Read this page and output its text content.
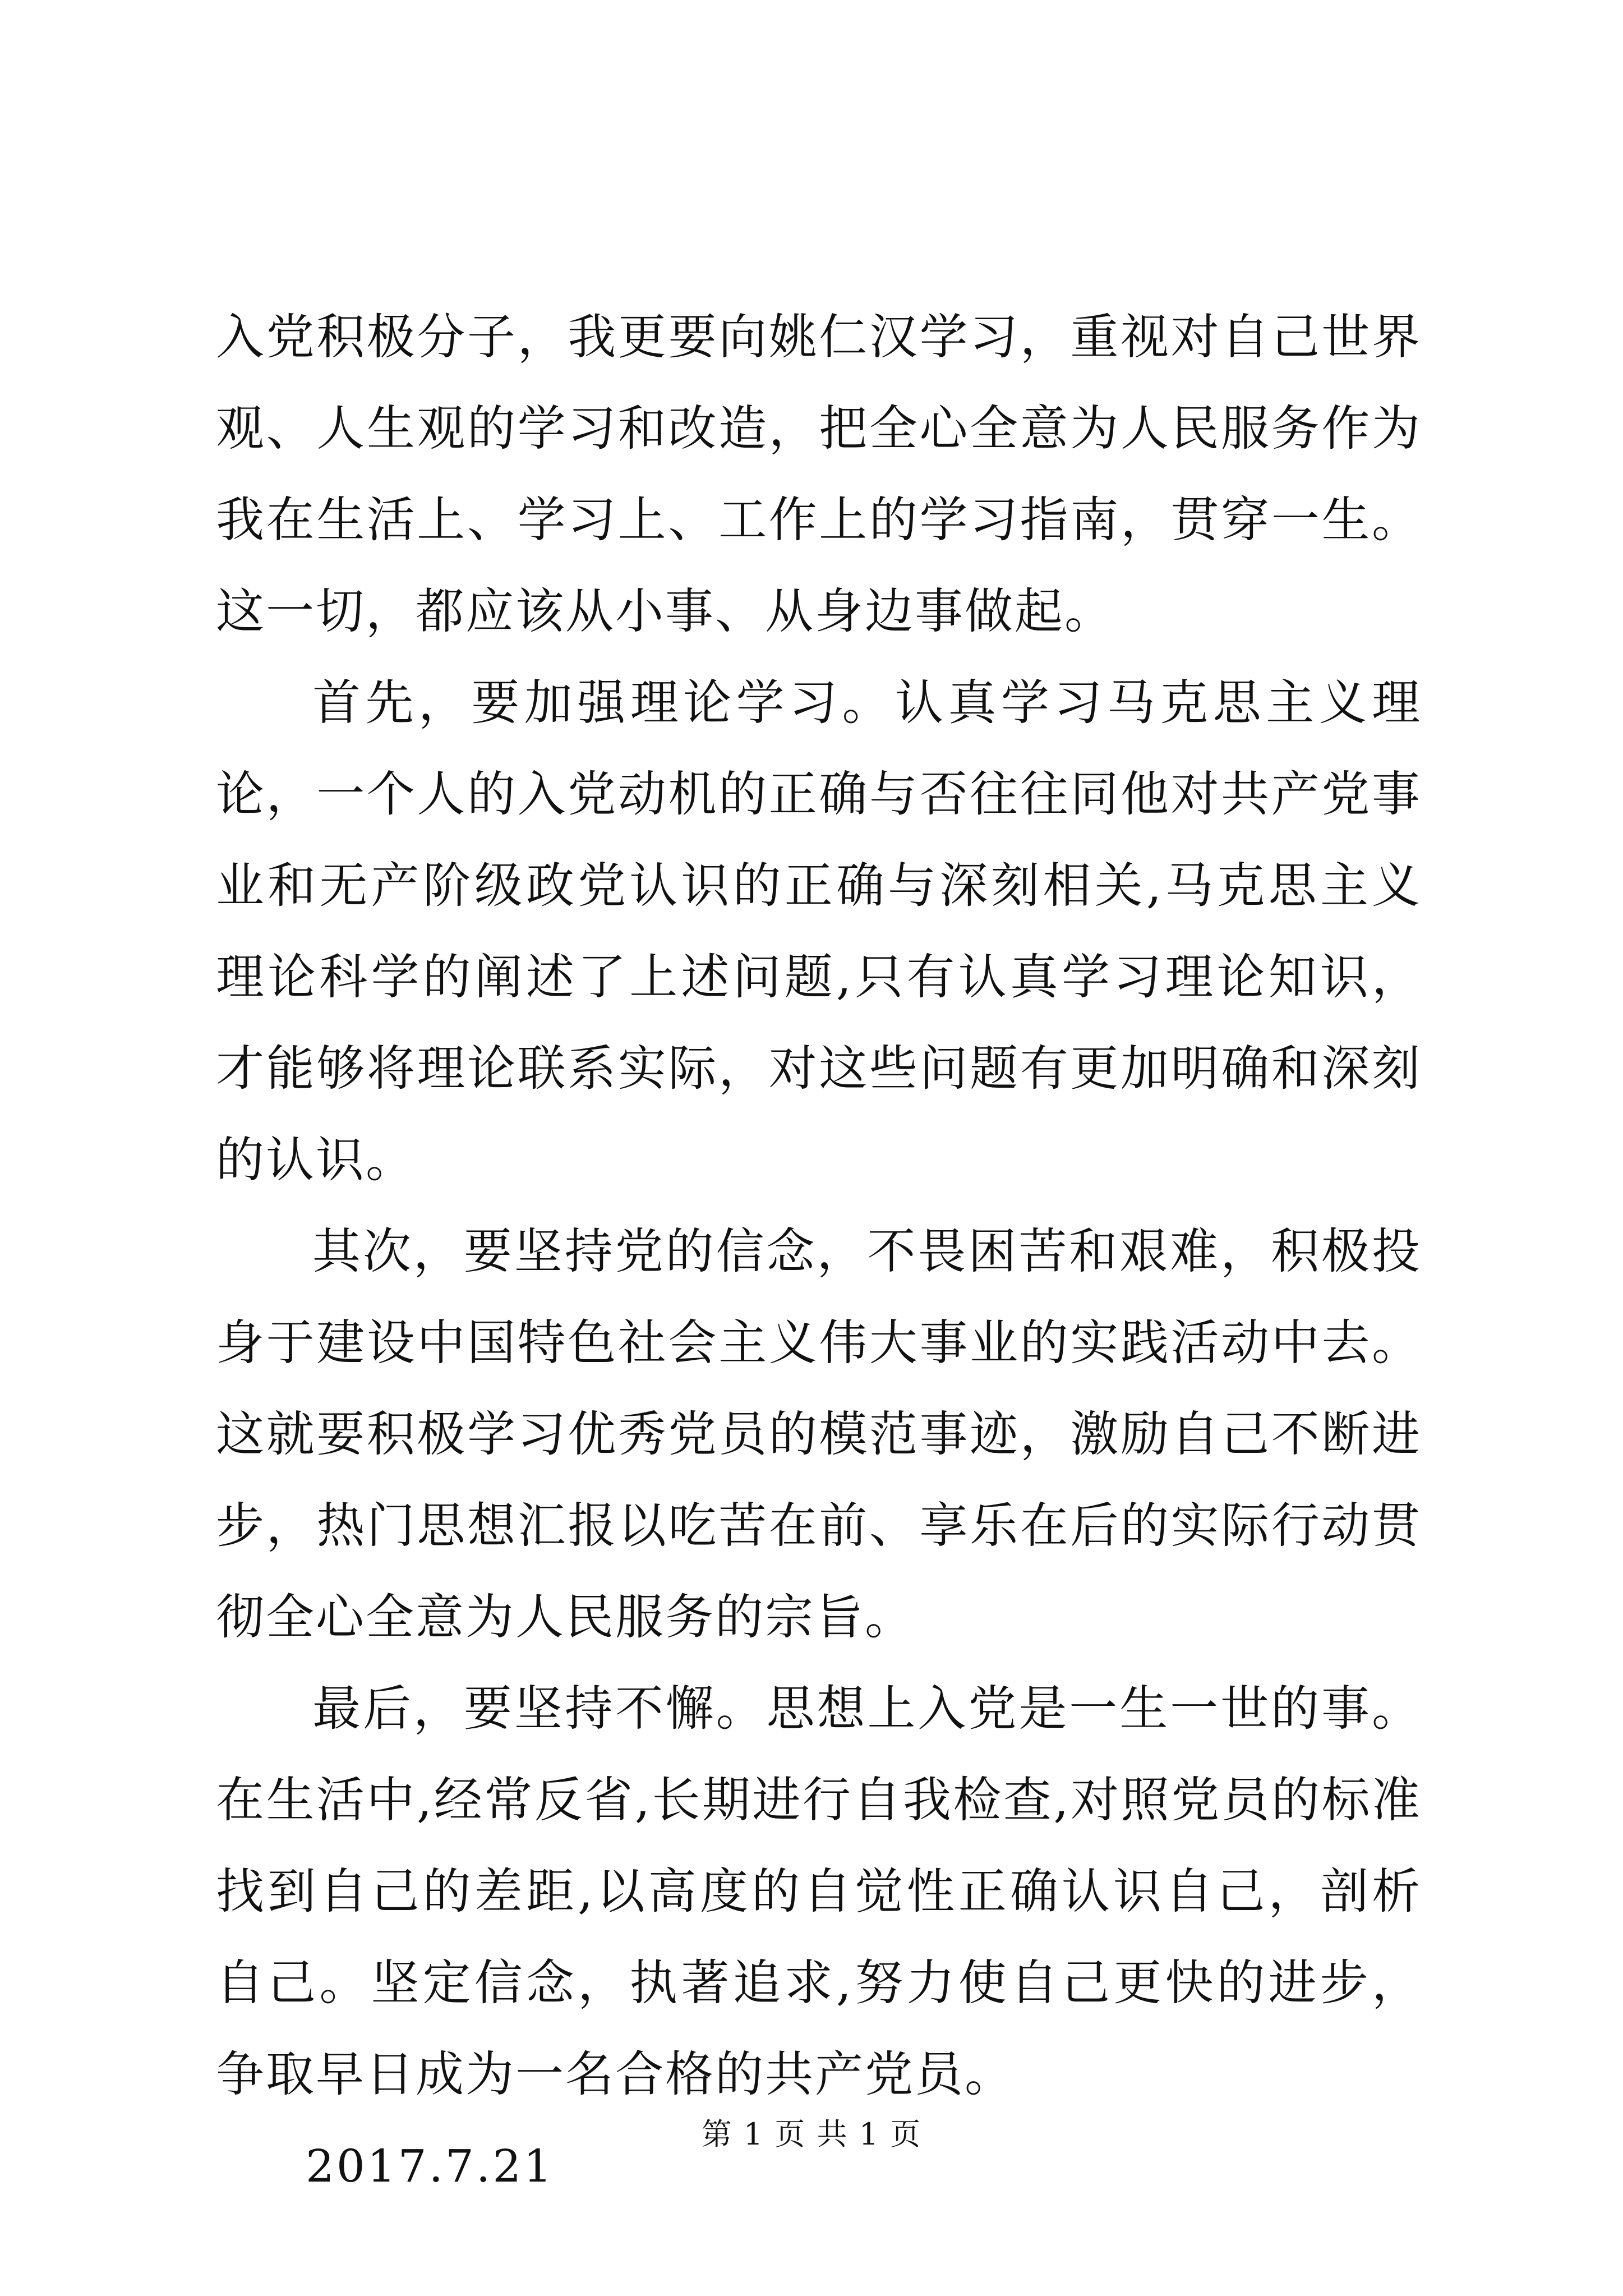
入党积极分子，我更要向姚仁汉学习，重视对自己世界观、人生观的学习和改造，把全心全意为人民服务作为我在生活上、学习上、工作上的学习指南，贯穿一生。这一切，都应该从小事、从身边事做起。

首先，要加强理论学习。认真学习马克思主义理论，一个人的入党动机的正确与否往往同他对共产党事业和无产阶级政党认识的正确与深刻相关,马克思主义理论科学的阐述了上述问题,只有认真学习理论知识，才能够将理论联系实际，对这些问题有更加明确和深刻的认识。

其次，要坚持党的信念，不畏困苦和艰难，积极投身于建设中国特色社会主义伟大事业的实践活动中去。这就要积极学习优秀党员的模范事迹，激励自己不断进步，热门思想汇报以吃苦在前、享乐在后的实际行动贯彻全心全意为人民服务的宗旨。

最后，要坚持不懈。思想上入党是一生一世的事。在生活中,经常反省,长期进行自我检查,对照党员的标准找到自己的差距,以高度的自觉性正确认识自己，剖析自己。坚定信念，执著追求,努力使自己更快的进步，争取早日成为一名合格的共产党员。

2017.7.21

第 1 页 共 1 页
